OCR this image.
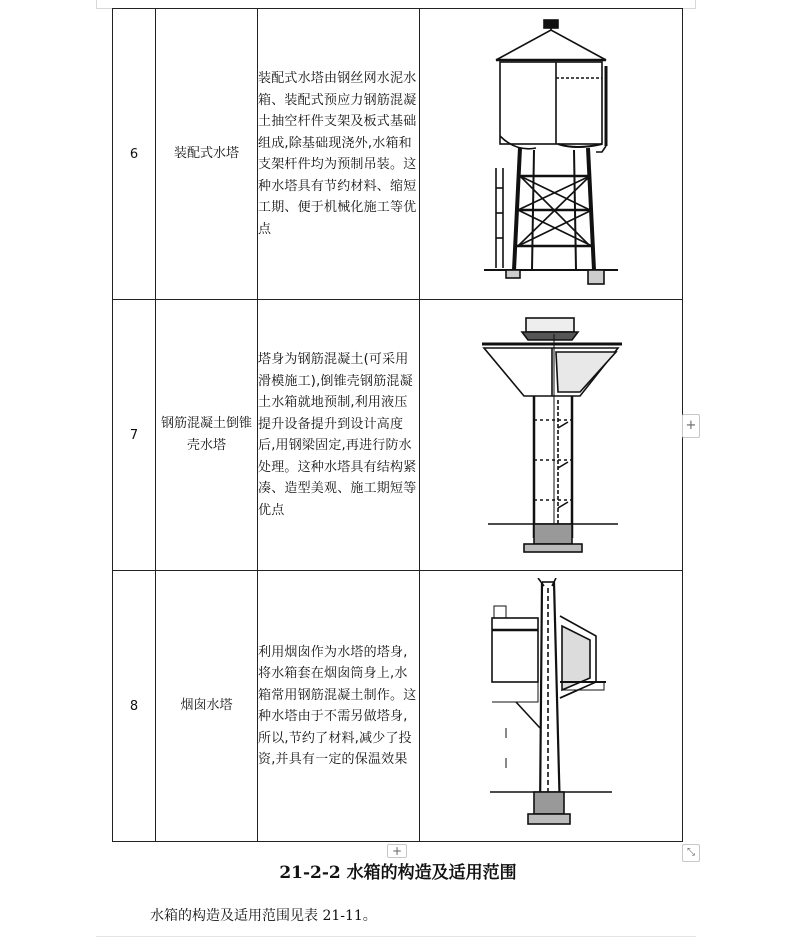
6	装配式水塔	装配式水塔由钢丝网水泥水箱、装配式预应力钢筋混凝土抽空杆件支架及板式基础组成,除基础现浇外,水箱和支架杆件均为预制吊装。这种水塔具有节约材料、缩短工期、便于机械化施工等优点	

7	钢筋混凝土倒锥壳水塔	塔身为钢筋混凝土(可采用滑模施工),倒锥壳钢筋混凝土水箱就地预制,利用液压提升设备提升到设计高度后,用钢梁固定,再进行防水处理。这种水塔具有结构紧凑、造型美观、施工期短等优点	

8	烟囱水塔	利用烟囱作为水塔的塔身,将水箱套在烟囱筒身上,水箱常用钢筋混凝土制作。这种水塔由于不需另做塔身,所以,节约了材料,减少了投资,并具有一定的保温效果	
+
+	⤡
21-2-2 水箱的构造及适用范围
水箱的构造及适用范围见表 21-11。
